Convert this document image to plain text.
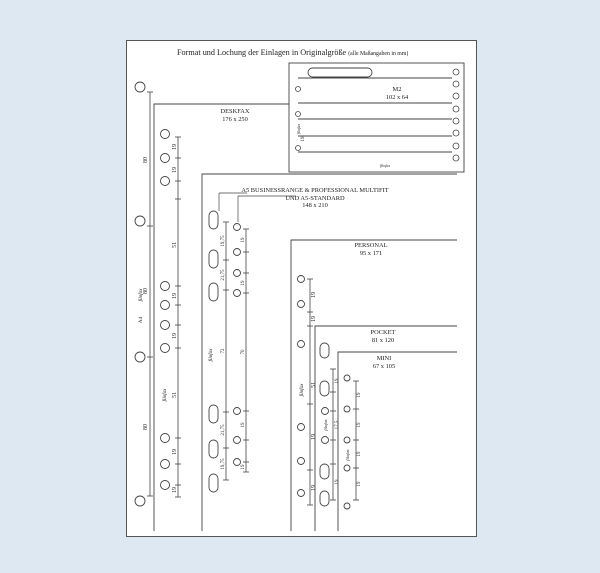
Format und Lochung der Einlagen in Originalgröße (alle Maßangaben in mm)
80
80
80
A4
filofax
19
19
51
19
19
51
19
19
filofax
19,75
21,75
72
21,75
19,75
filofax
19
19
70
19
19
19
19
51
19
19
filofax
19
17,5
19
filofax
19
19
19
19
filofax
19
filofax
filofax
M2
102 x 64
DESKFAX
176 x 250
A5 BUSINESSRANGE & PROFESSIONAL MULTIFIT
UND A5-STANDARD
148 x 210
PERSONAL
95 x 171
POCKET
81 x 120
MINI
67 x 105
